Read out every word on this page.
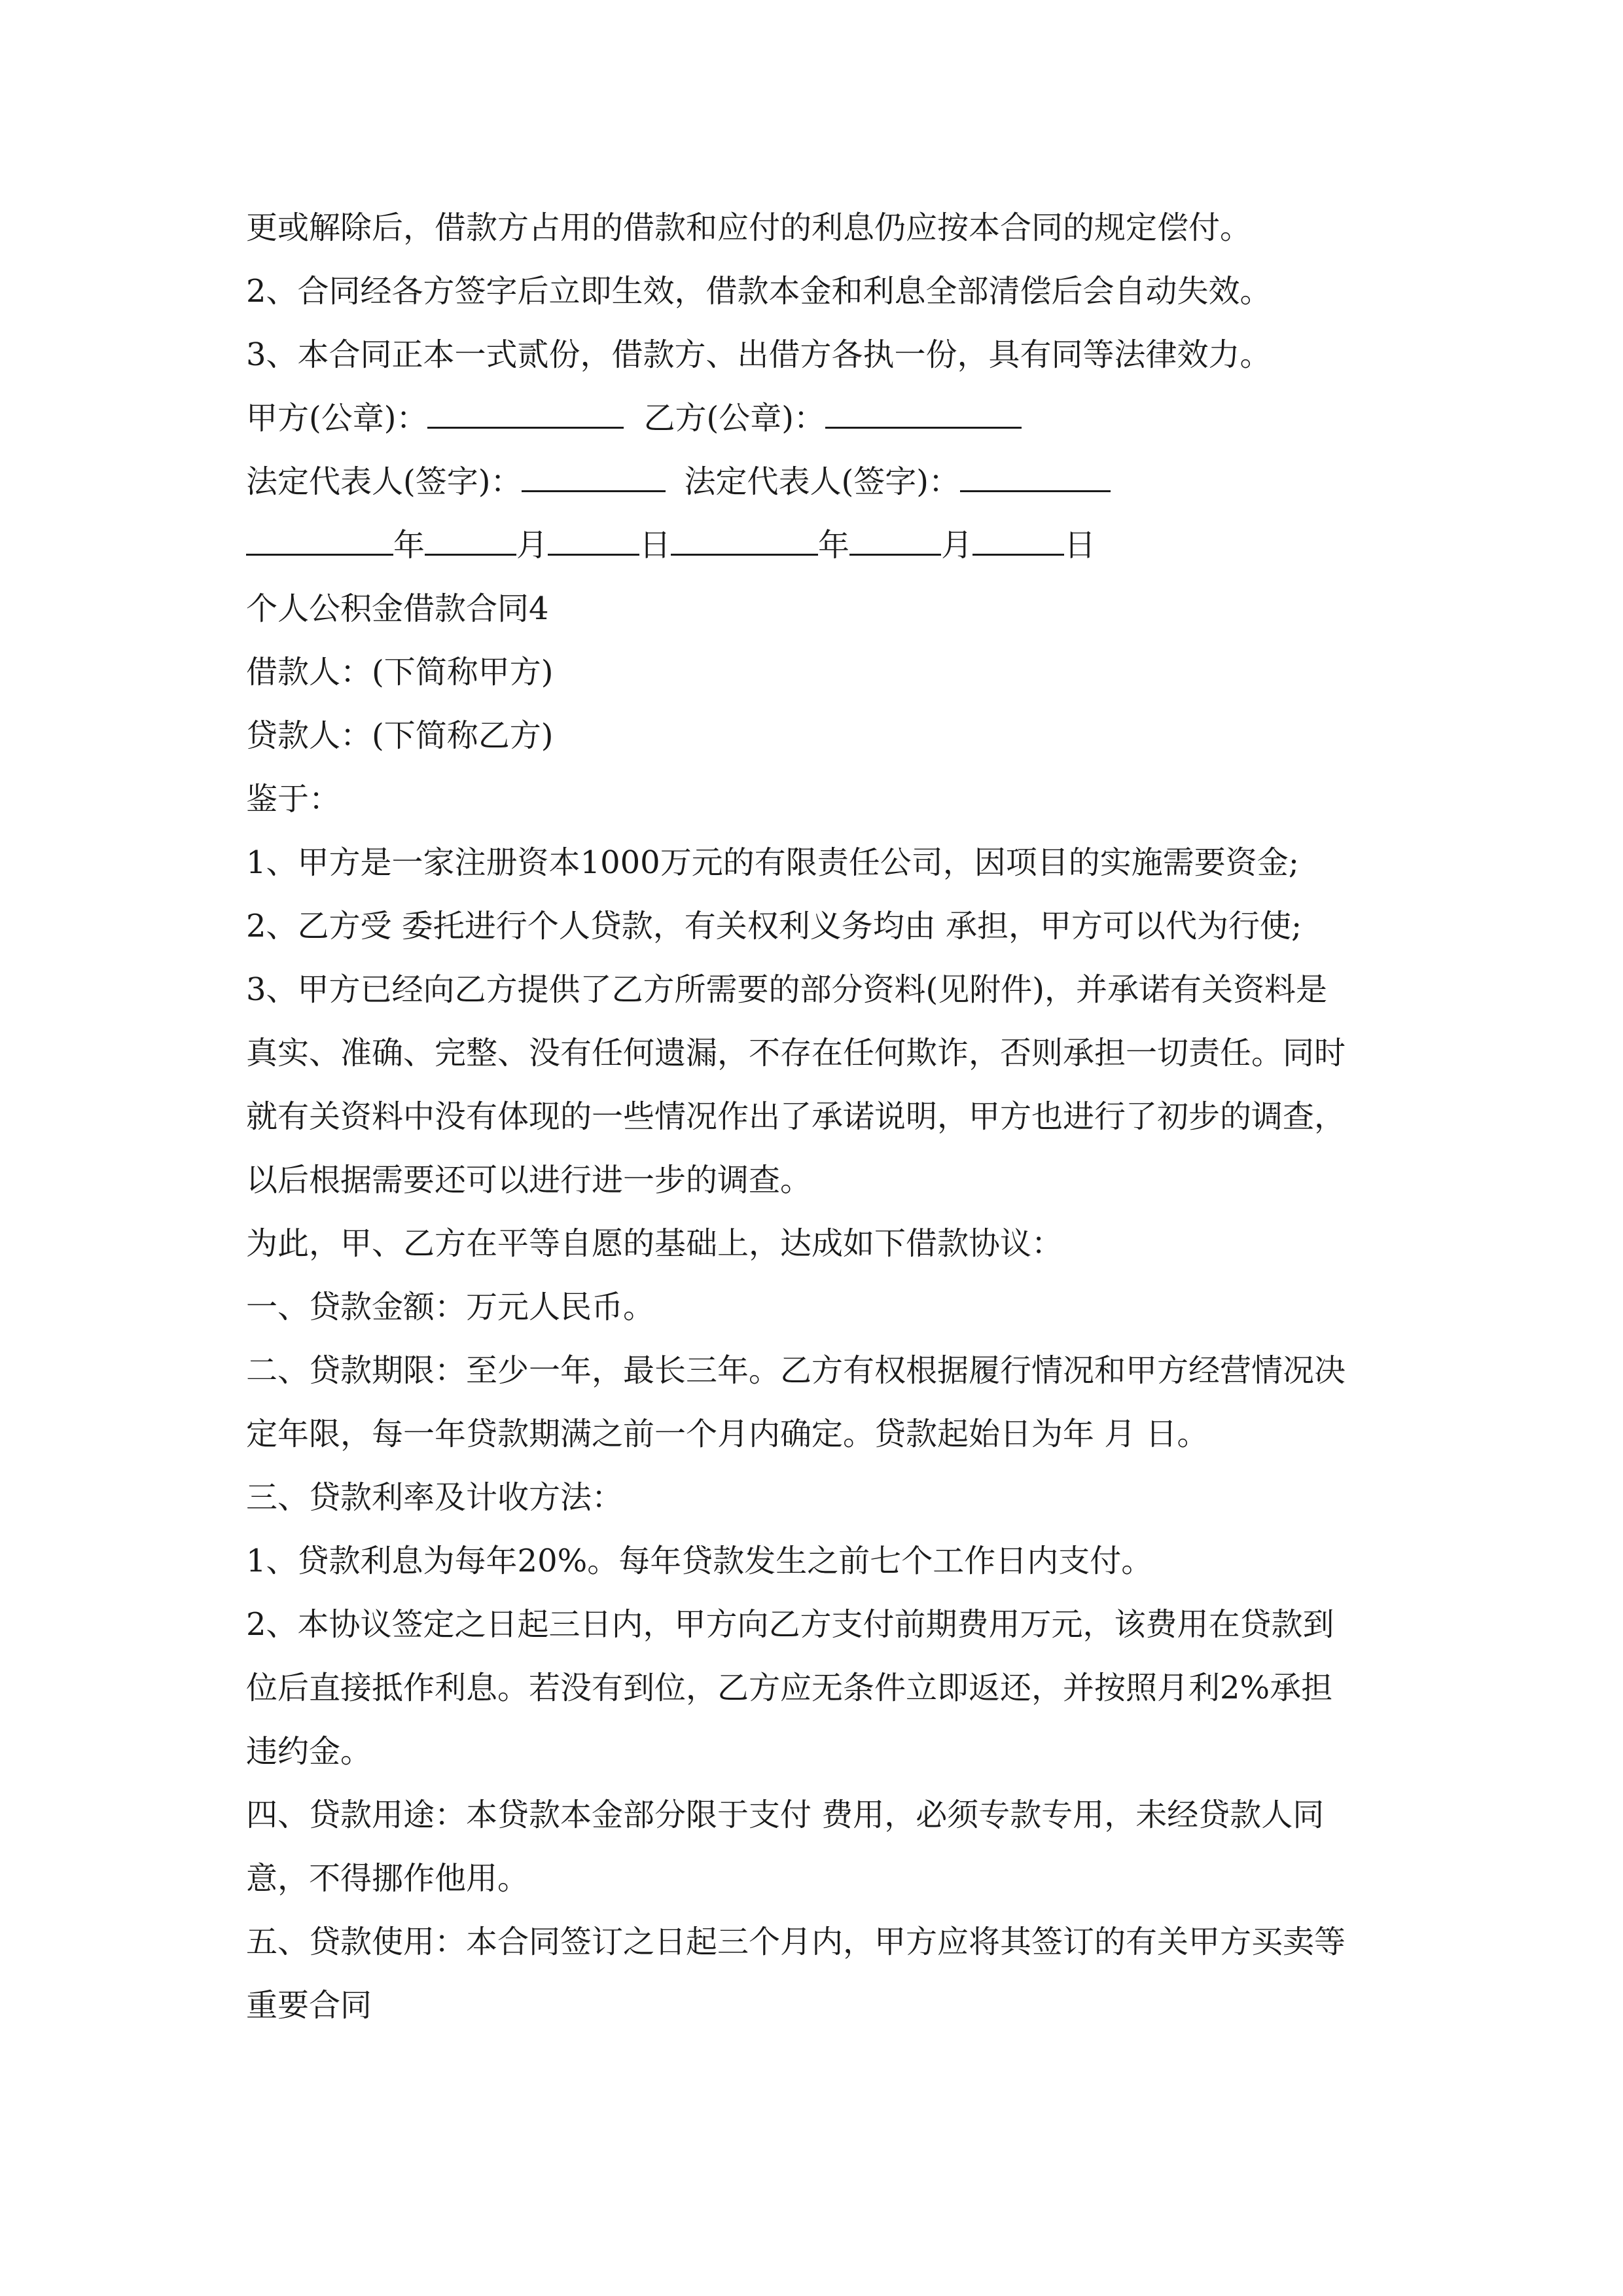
更或解除后，借款方占用的借款和应付的利息仍应按本合同的规定偿付。
2、合同经各方签字后立即生效，借款本金和利息全部清偿后会自动失效。
3、本合同正本一式贰份，借款方、出借方各执一份，具有同等法律效力。
甲方(公章)：	乙方(公章)：
法定代表人(签字)：	法定代表人(签字)：
年	月	日	年	月	日
个人公积金借款合同4
借款人：(下简称甲方)
贷款人：(下简称乙方)
鉴于：
1、甲方是一家注册资本1000万元的有限责任公司，因项目的实施需要资金;
2、乙方受 委托进行个人贷款，有关权利义务均由 承担，甲方可以代为行使;
3、甲方已经向乙方提供了乙方所需要的部分资料(见附件)，并承诺有关资料是
真实、准确、完整、没有任何遗漏，不存在任何欺诈，否则承担一切责任。同时
就有关资料中没有体现的一些情况作出了承诺说明，甲方也进行了初步的调查，
以后根据需要还可以进行进一步的调查。
为此，甲、乙方在平等自愿的基础上，达成如下借款协议：
一、贷款金额：万元人民币。
二、贷款期限：至少一年，最长三年。乙方有权根据履行情况和甲方经营情况决
定年限，每一年贷款期满之前一个月内确定。贷款起始日为年 月 日。
三、贷款利率及计收方法：
1、贷款利息为每年20%。每年贷款发生之前七个工作日内支付。
2、本协议签定之日起三日内，甲方向乙方支付前期费用万元，该费用在贷款到
位后直接抵作利息。若没有到位，乙方应无条件立即返还，并按照月利2%承担
违约金。
四、贷款用途：本贷款本金部分限于支付 费用，必须专款专用，未经贷款人同
意，不得挪作他用。
五、贷款使用：本合同签订之日起三个月内，甲方应将其签订的有关甲方买卖等
重要合同
